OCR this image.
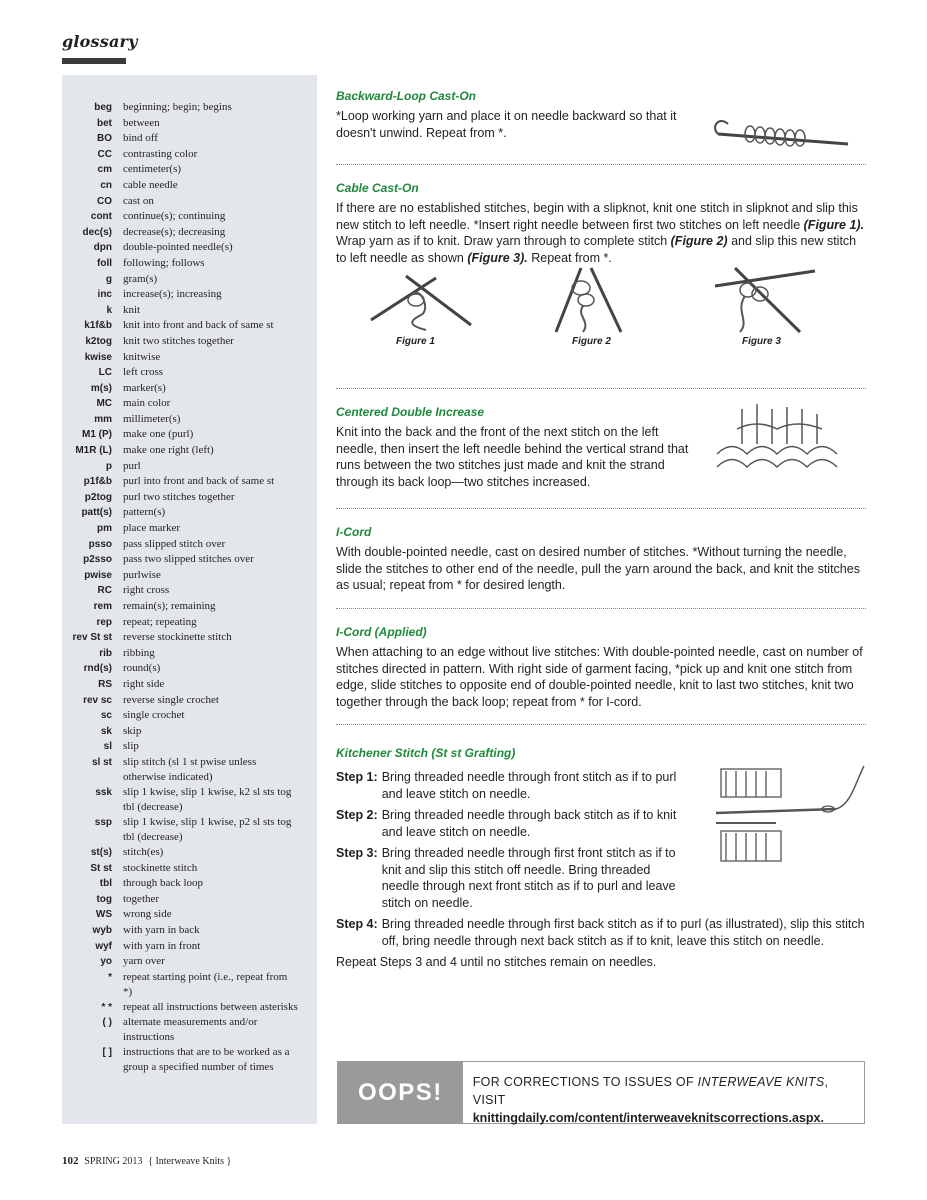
glossary
beg	beginning; begin; begins
bet	between
BO	bind off
CC	contrasting color
cm	centimeter(s)
cn	cable needle
CO	cast on
cont	continue(s); continuing
dec(s)	decrease(s); decreasing
dpn	double-pointed needle(s)
foll	following; follows
g	gram(s)
inc	increase(s); increasing
k	knit
k1f&b	knit into front and back of same st
k2tog	knit two stitches together
kwise	knitwise
LC	left cross
m(s)	marker(s)
MC	main color
mm	millimeter(s)
M1 (P)	make one (purl)
M1R (L)	make one right (left)
p	purl
p1f&b	purl into front and back of same st
p2tog	purl two stitches together
patt(s)	pattern(s)
pm	place marker
psso	pass slipped stitch over
p2sso	pass two slipped stitches over
pwise	purlwise
RC	right cross
rem	remain(s); remaining
rep	repeat; repeating
rev St st	reverse stockinette stitch
rib	ribbing
rnd(s)	round(s)
RS	right side
rev sc	reverse single crochet
sc	single crochet
sk	skip
sl	slip
sl st	slip stitch (sl 1 st pwise unless otherwise indicated)
ssk	slip 1 kwise, slip 1 kwise, k2 sl sts tog tbl (decrease)
ssp	slip 1 kwise, slip 1 kwise, p2 sl sts tog tbl (decrease)
st(s)	stitch(es)
St st	stockinette stitch
tbl	through back loop
tog	together
WS	wrong side
wyb	with yarn in back
wyf	with yarn in front
yo	yarn over
*	repeat starting point (i.e., repeat from *)
* *	repeat all instructions between asterisks
( )	alternate measurements and/or instructions
[ ]	instructions that are to be worked as a group a specified number of times

Backward-Loop Cast-On

*Loop working yarn and place it on needle backward so that it doesn't unwind. Repeat from *.

Cable Cast-On

If there are no established stitches, begin with a slipknot, knit one stitch in slipknot and slip this new stitch to left needle. *Insert right needle between first two stitches on left needle (Figure 1). Wrap yarn as if to knit. Draw yarn through to complete stitch (Figure 2) and slip this new stitch to left needle as shown (Figure 3). Repeat from *.

Figure 1	Figure 2	Figure 3

Centered Double Increase

Knit into the back and the front of the next stitch on the left needle, then insert the left needle behind the vertical strand that runs between the two stitches just made and knit the strand through its back loop—two stitches increased.

I-Cord

With double-pointed needle, cast on desired number of stitches. *Without turning the needle, slide the stitches to other end of the needle, pull the yarn around the back, and knit the stitches as usual; repeat from * for desired length.

I-Cord (Applied)

When attaching to an edge without live stitches: With double-pointed needle, cast on number of stitches directed in pattern. With right side of garment facing, *pick up and knit one stitch from edge, slide stitches to opposite end of double-pointed needle, knit to last two stitches, knit two together through the back loop; repeat from * for I-cord.

Kitchener Stitch (St st Grafting)

Step 1: Bring threaded needle through front stitch as if to purl and leave stitch on needle.
Step 2: Bring threaded needle through back stitch as if to knit and leave stitch on needle.
Step 3: Bring threaded needle through first front stitch as if to knit and slip this stitch off needle. Bring threaded needle through next front stitch as if to purl and leave stitch on needle.
Step 4: Bring threaded needle through first back stitch as if to purl (as illustrated), slip this stitch off, bring needle through next back stitch as if to knit, leave this stitch on needle.

Repeat Steps 3 and 4 until no stitches remain on needles.

OOPS!	FOR CORRECTIONS TO ISSUES OF INTERWEAVE KNITS, VISIT
knittingdaily.com/content/interweaveknitscorrections.aspx.
102 SPRING 2013 { Interweave Knits }
